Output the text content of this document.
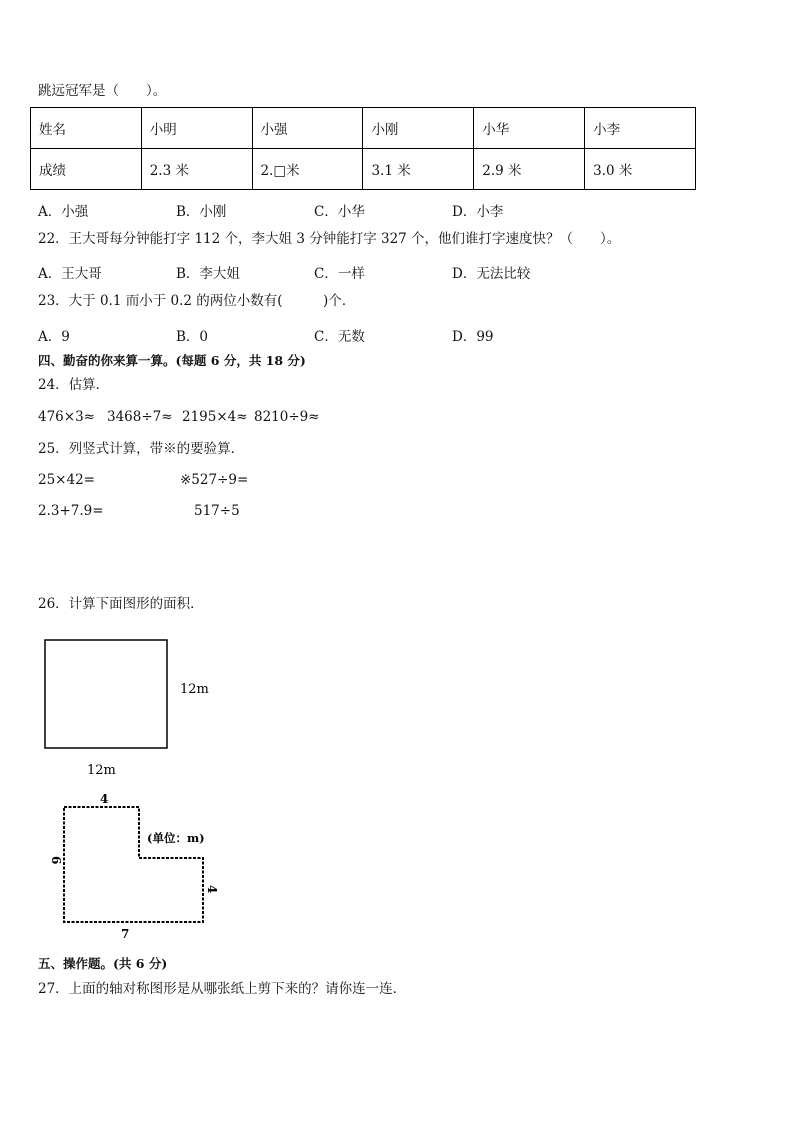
跳远冠军是（　　）。
姓名	小明	小强	小刚	小华	小李
成绩	2.3 米	2.□米	3.1 米	2.9 米	3.0 米
A．小强	B．小刚	C．小华	D．小李
22．王大哥每分钟能打字 112 个，李大姐 3 分钟能打字 327 个，他们谁打字速度快？（　　）。
A．王大哥	B．李大姐	C．一样	D．无法比较
23．大于 0.1 而小于 0.2 的两位小数有(　　　)个．
A．9	B．0	C．无数	D．99
四、勤奋的你来算一算。(每题 6 分，共 18 分)
24．估算．
476×3≈ 3468÷7≈ 2195×4≈ 8210÷9≈
25．列竖式计算，带※的要验算．
25×42=	※527÷9=
2.3+7.9=	517÷5
26．计算下面图形的面积．
12m
12m
4
6
4
7
(单位：m)
五、操作题。(共 6 分)
27．上面的轴对称图形是从哪张纸上剪下来的？请你连一连．
